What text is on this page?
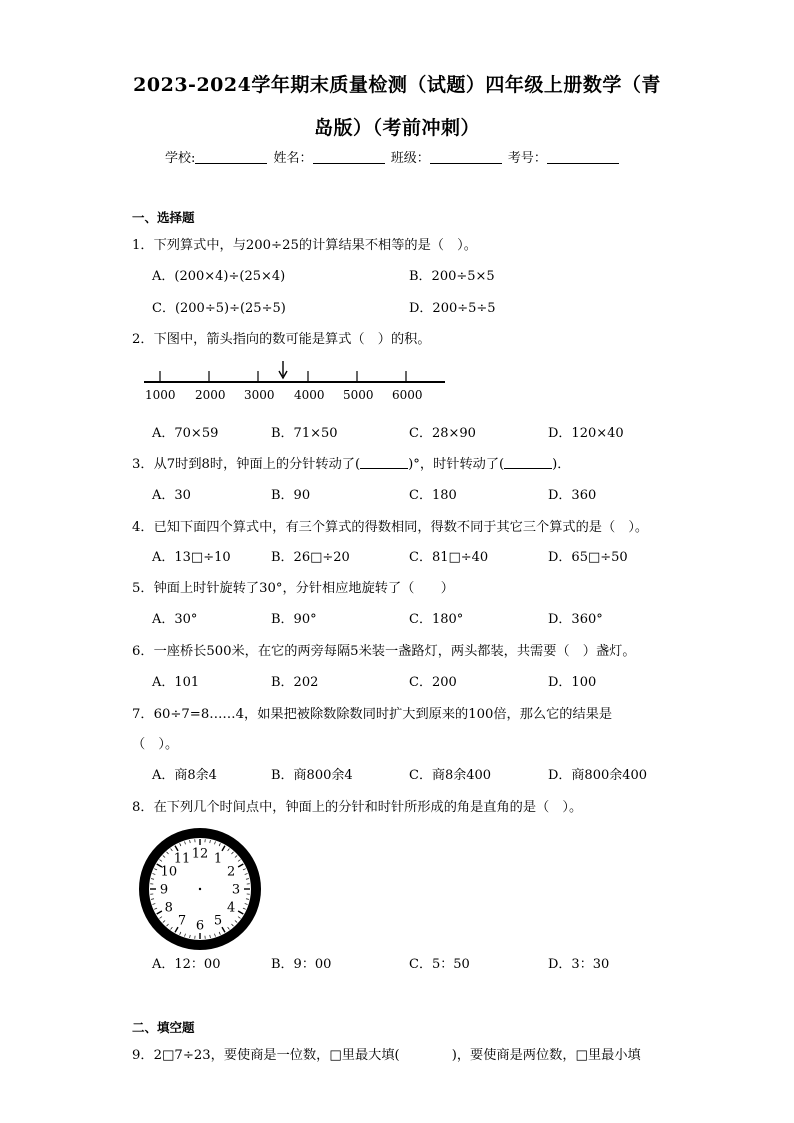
2023-2024学年期末质量检测（试题）四年级上册数学（青
岛版）（考前冲刺）
学校:	姓名：	班级：	考号：
一、选择题
1．下列算式中，与200÷25的计算结果不相等的是（　）。
A．(200×4)÷(25×4)	B．200÷5×5
C．(200÷5)÷(25÷5)	D．200÷5÷5
2．下图中，箭头指向的数可能是算式（　）的积。
1000 2000 3000 4000 5000 6000
A．70×59	B．71×50	C．28×90	D．120×40
3．从7时到8时，钟面上的分针转动了(	)°，时针转动了(	)．
A．30	B．90	C．180	D．360
4．已知下面四个算式中，有三个算式的得数相同，得数不同于其它三个算式的是（　）。
A．13□÷10	B．26□÷20	C．81□÷40	D．65□÷50
5．钟面上时针旋转了30°，分针相应地旋转了（　　）
A．30°	B．90°	C．180°	D．360°
6．一座桥长500米，在它的两旁每隔5米装一盏路灯，两头都装，共需要（　）盏灯。
A．101	B．202	C．200	D．100
7．60÷7=8……4，如果把被除数除数同时扩大到原来的100倍，那么它的结果是
（　）。
A．商8余4	B．商800余4	C．商8余400	D．商800余400
8．在下列几个时间点中，钟面上的分针和时针所形成的角是直角的是（　）。
12 1
2
3
4
5
6
7
8
9
10
11
A．12：00	B．9：00	C．5：50	D．3：30
二、填空题
9．2□7÷23，要使商是一位数，□里最大填(	)，要使商是两位数，□里最小填
